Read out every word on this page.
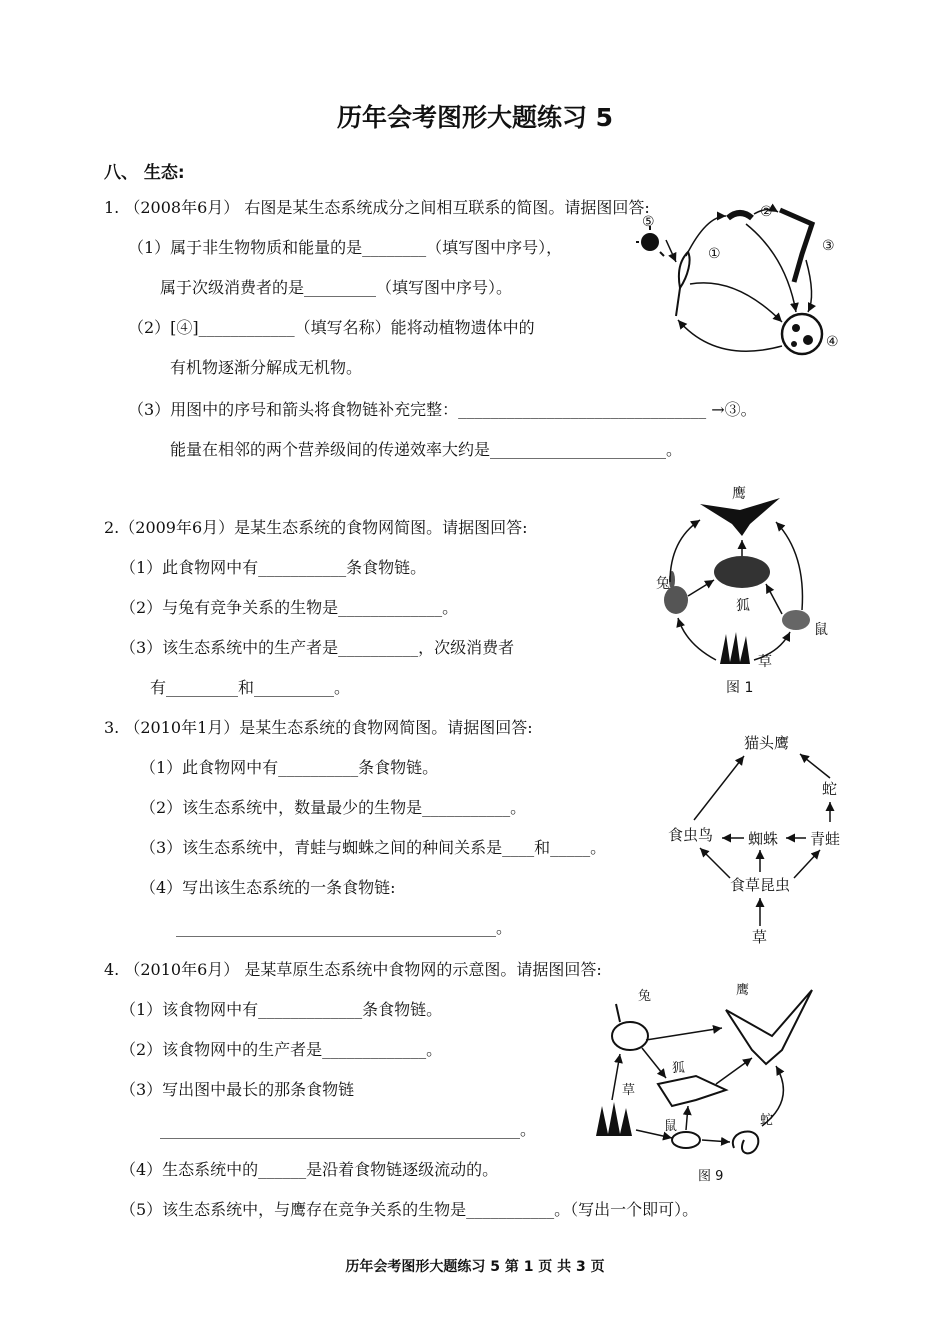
历年会考图形大题练习 5
八、 生态:
1. （2008年6月） 右图是某生态系统成分之间相互联系的简图。请据图回答:
（1）属于非生物物质和能量的是________（填写图中序号），
属于次级消费者的是_________（填写图中序号）。
（2）[④]____________（填写名称）能将动植物遗体中的
有机物逐渐分解成无机物。
（3）用图中的序号和箭头将食物链补充完整：_______________________________ →③。
能量在相邻的两个营养级间的传递效率大约是______________________。
①
②
③
④
⑤
2.（2009年6月）是某生态系统的食物网简图。请据图回答:
（1）此食物网中有___________条食物链。
（2）与兔有竞争关系的生物是_____________。
（3）该生态系统中的生产者是__________，次级消费者
有_________和__________。
鹰
兔
狐
鼠
草
图 1
3. （2010年1月）是某生态系统的食物网简图。请据图回答:
（1）此食物网中有__________条食物链。
（2）该生态系统中，数量最少的生物是___________。
（3）该生态系统中，青蛙与蜘蛛之间的种间关系是____和_____。
（4）写出该生态系统的一条食物链:
________________________________________。
猫头鹰
蛇
食虫鸟 蜘蛛 青蛙
食草昆虫
草
4. （2010年6月） 是某草原生态系统中食物网的示意图。请据图回答:
（1）该食物网中有_____________条食物链。
（2）该食物网中的生产者是_____________。
（3）写出图中最长的那条食物链
_____________________________________________。
（4）生态系统中的______是沿着食物链逐级流动的。
（5）该生态系统中，与鹰存在竞争关系的生物是___________。（写出一个即可）。
兔	鹰
狐
草
鼠	蛇
图 9
历年会考图形大题练习 5 第 1 页 共 3 页
